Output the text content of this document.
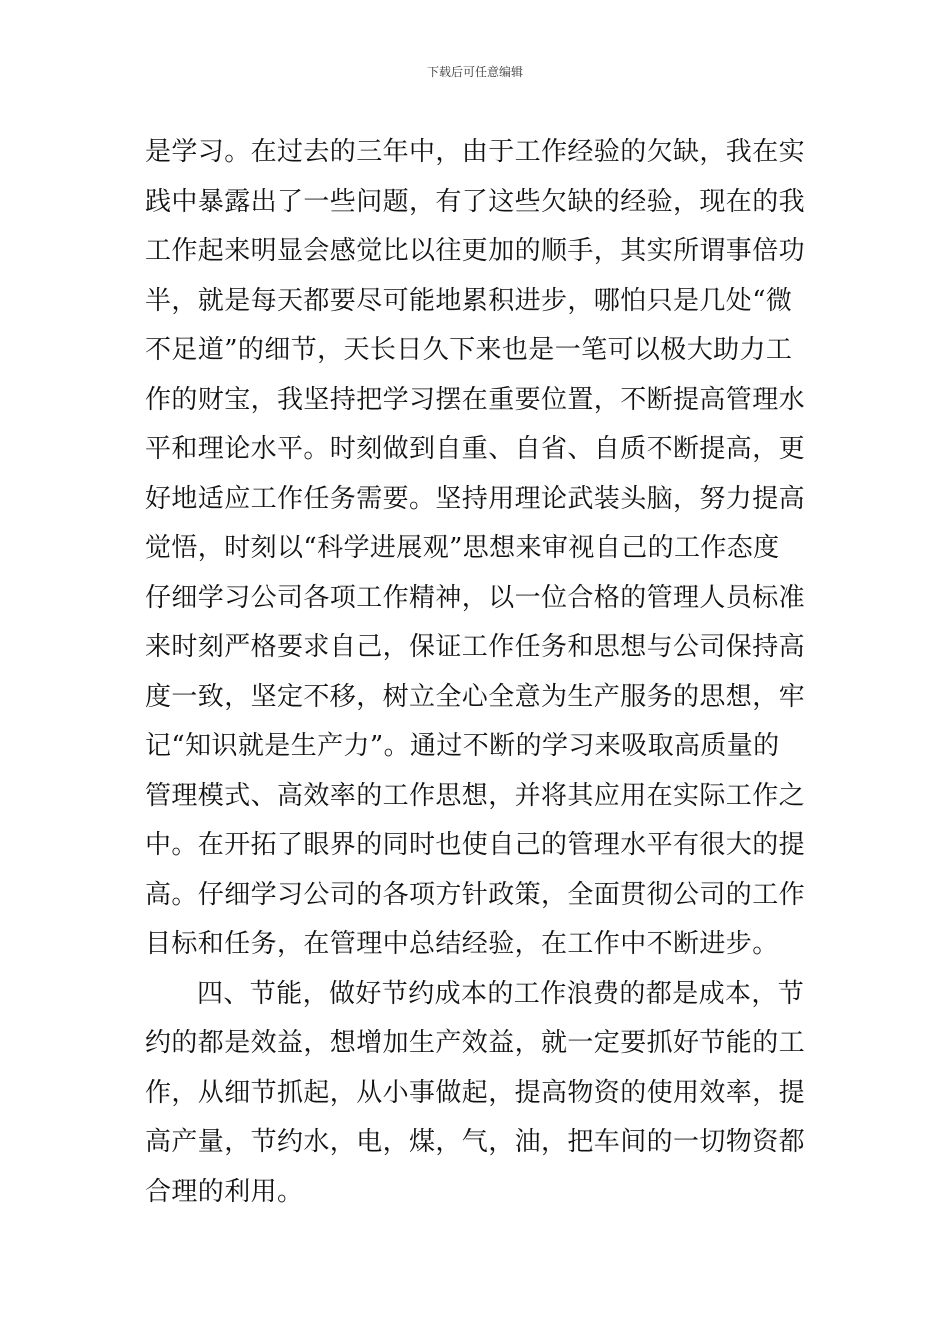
下载后可任意编辑
是学习。在过去的三年中，由于工作经验的欠缺，我在实
践中暴露出了一些问题，有了这些欠缺的经验，现在的我
工作起来明显会感觉比以往更加的顺手，其实所谓事倍功
半，就是每天都要尽可能地累积进步，哪怕只是几处“微
不足道”的细节，天长日久下来也是一笔可以极大助力工
作的财宝，我坚持把学习摆在重要位置，不断提高管理水
平和理论水平。时刻做到自重、自省、自质不断提高，更
好地适应工作任务需要。坚持用理论武装头脑，努力提高
觉悟，时刻以“科学进展观”思想来审视自己的工作态度
仔细学习公司各项工作精神，以一位合格的管理人员标准
来时刻严格要求自己，保证工作任务和思想与公司保持高
度一致，坚定不移，树立全心全意为生产服务的思想，牢
记“知识就是生产力”。通过不断的学习来吸取高质量的
管理模式、高效率的工作思想，并将其应用在实际工作之
中。在开拓了眼界的同时也使自己的管理水平有很大的提
高。仔细学习公司的各项方针政策，全面贯彻公司的工作
目标和任务，在管理中总结经验，在工作中不断进步。
四、节能，做好节约成本的工作浪费的都是成本，节
约的都是效益，想增加生产效益，就一定要抓好节能的工
作，从细节抓起，从小事做起，提高物资的使用效率，提
高产量，节约水，电，煤，气，油，把车间的一切物资都
合理的利用。
